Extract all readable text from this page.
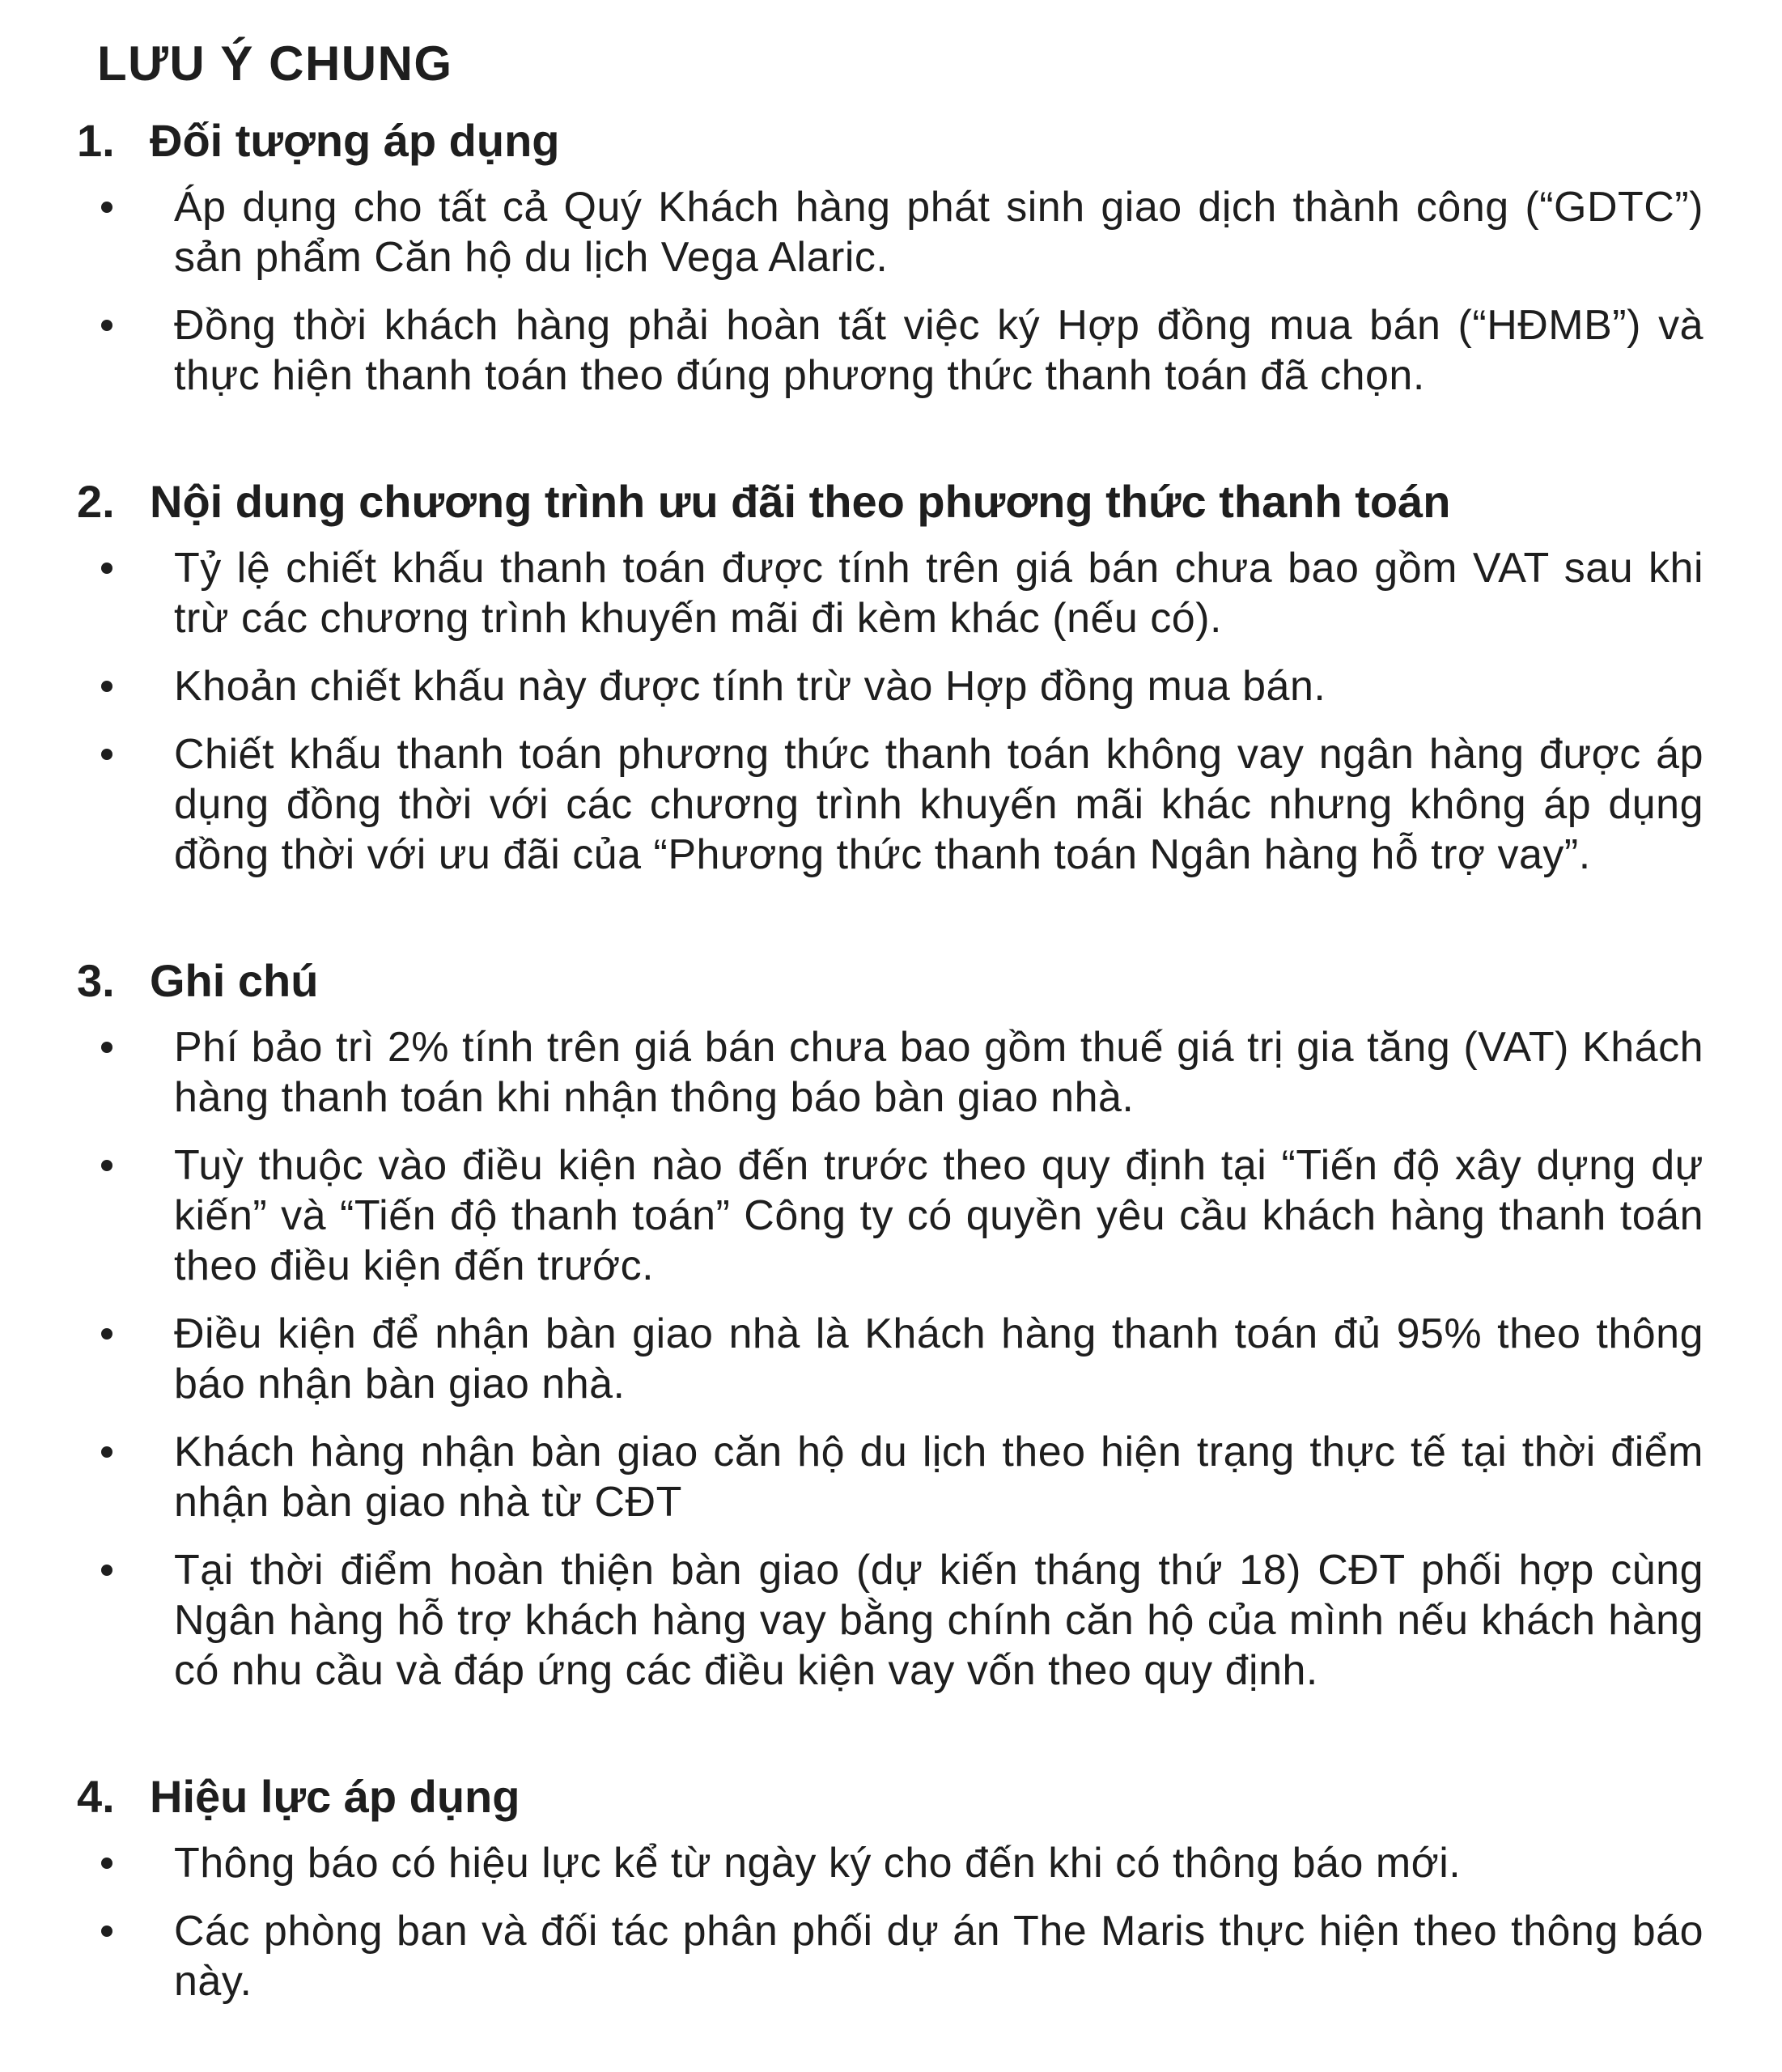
LƯU Ý CHUNG
1. Đối tượng áp dụng

Áp dụng cho tất cả Quý Khách hàng phát sinh giao dịch thành công (“GDTC”) sản phẩm Căn hộ du lịch Vega Alaric.

Đồng thời khách hàng phải hoàn tất việc ký Hợp đồng mua bán (“HĐMB”) và thực hiện thanh toán theo đúng phương thức thanh toán đã chọn.

2. Nội dung chương trình ưu đãi theo phương thức thanh toán

Tỷ lệ chiết khấu thanh toán được tính trên giá bán chưa bao gồm VAT sau khi trừ các chương trình khuyến mãi đi kèm khác (nếu có).

Khoản chiết khấu này được tính trừ vào Hợp đồng mua bán.

Chiết khấu thanh toán phương thức thanh toán không vay ngân hàng được áp dụng đồng thời với các chương trình khuyến mãi khác nhưng không áp dụng đồng thời với ưu đãi của “Phương thức thanh toán Ngân hàng hỗ trợ vay”.

3. Ghi chú

Phí bảo trì 2% tính trên giá bán chưa bao gồm thuế giá trị gia tăng (VAT) Khách hàng thanh toán khi nhận thông báo bàn giao nhà.

Tuỳ thuộc vào điều kiện nào đến trước theo quy định tại “Tiến độ xây dựng dự kiến” và “Tiến độ thanh toán” Công ty có quyền yêu cầu khách hàng thanh toán theo điều kiện đến trước.

Điều kiện để nhận bàn giao nhà là Khách hàng thanh toán đủ 95% theo thông báo nhận bàn giao nhà.

Khách hàng nhận bàn giao căn hộ du lịch theo hiện trạng thực tế tại thời điểm nhận bàn giao nhà từ CĐT

Tại thời điểm hoàn thiện bàn giao (dự kiến tháng thứ 18) CĐT phối hợp cùng Ngân hàng hỗ trợ khách hàng vay bằng chính căn hộ của mình nếu khách hàng có nhu cầu và đáp ứng các điều kiện vay vốn theo quy định.

4. Hiệu lực áp dụng

Thông báo có hiệu lực kể từ ngày ký cho đến khi có thông báo mới.

Các phòng ban và đối tác phân phối dự án The Maris thực hiện theo thông báo này.
